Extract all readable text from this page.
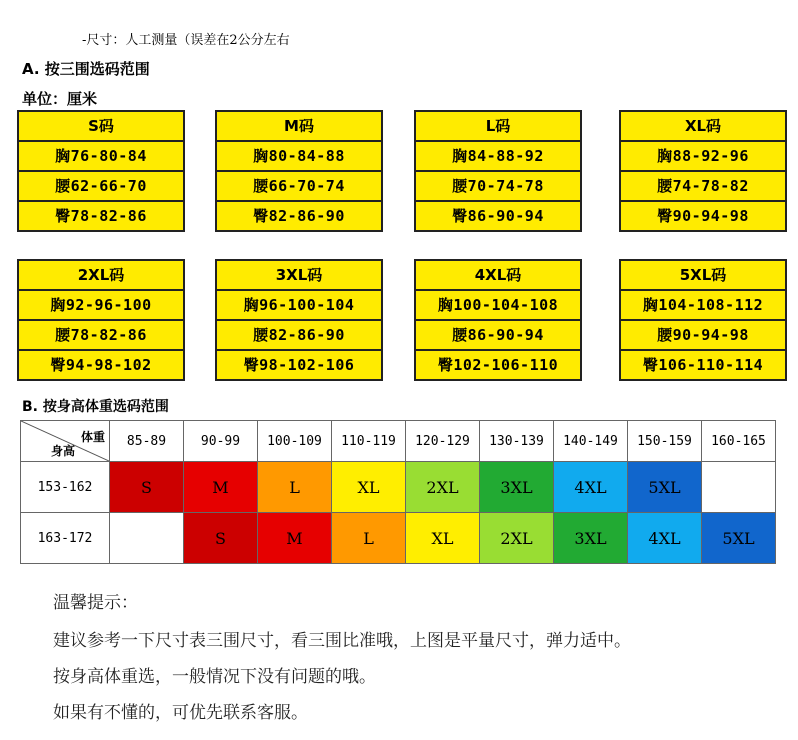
-尺寸：人工测量（误差在2公分左右
A. 按三围选码范围
单位：厘米
S码
胸76-80-84
腰62-66-70
臀78-82-86
M码
胸80-84-88
腰66-70-74
臀82-86-90
L码
胸84-88-92
腰70-74-78
臀86-90-94
XL码
胸88-92-96
腰74-78-82
臀90-94-98
2XL码
胸92-96-100
腰78-82-86
臀94-98-102
3XL码
胸96-100-104
腰82-86-90
臀98-102-106
4XL码
胸100-104-108
腰86-90-94
臀102-106-110
5XL码
胸104-108-112
腰90-94-98
臀106-110-114
B. 按身高体重选码范围
体重
身高	85-89	90-99	100-109	110-119	120-129	130-139	140-149	150-159	160-165
153-162	S	M	L	XL	2XL	3XL	4XL	5XL	
163-172		S	M	L	XL	2XL	3XL	4XL	5XL
温馨提示：
建议参考一下尺寸表三围尺寸，看三围比准哦，上图是平量尺寸，弹力适中。
按身高体重选，一般情况下没有问题的哦。
如果有不懂的，可优先联系客服。
